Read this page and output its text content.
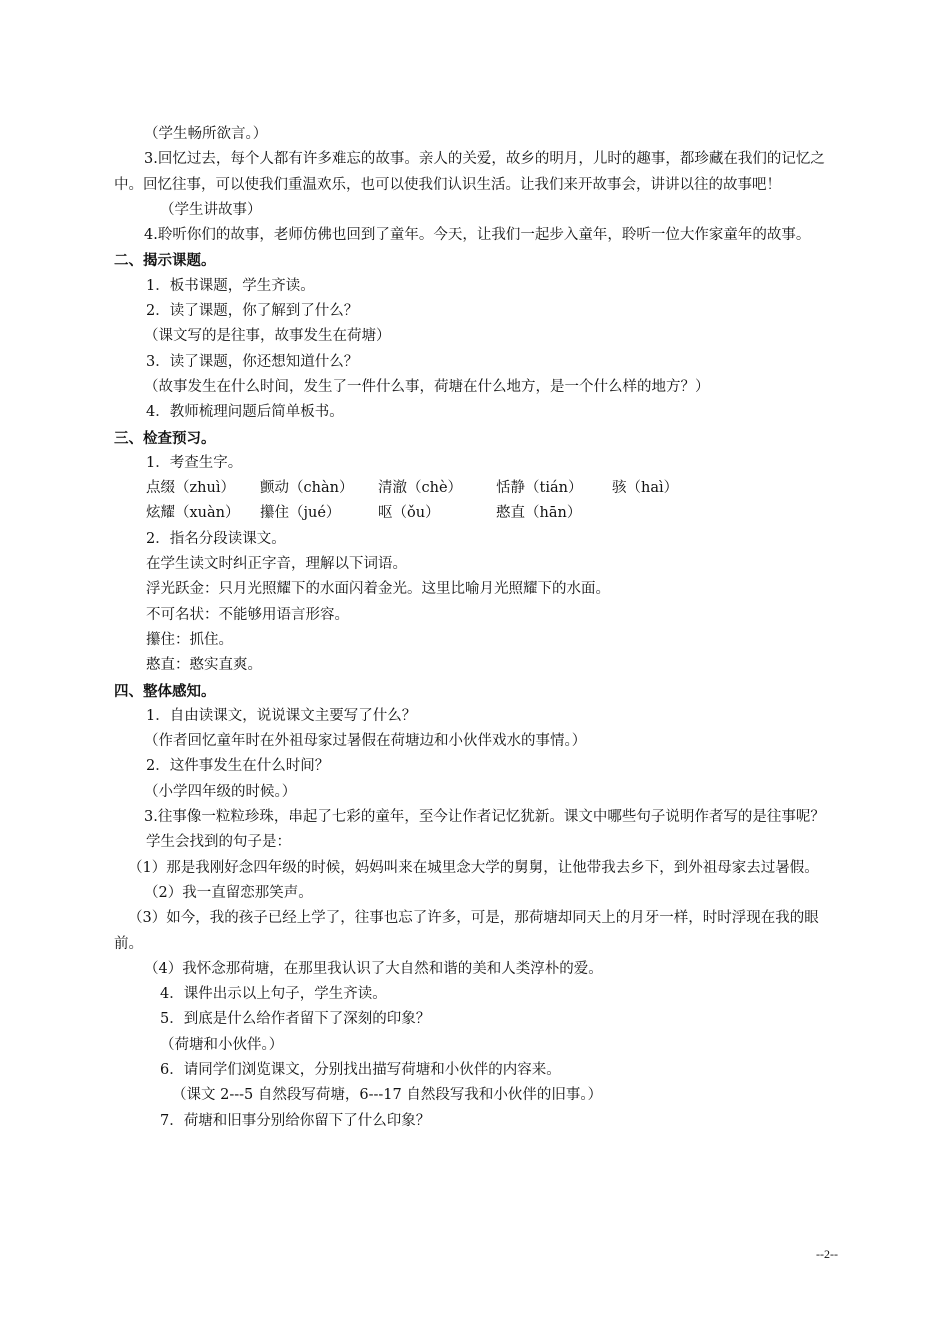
（学生畅所欲言。）

3.回忆过去，每个人都有许多难忘的故事。亲人的关爱，故乡的明月，儿时的趣事，都珍藏在我们的记忆之中。回忆往事，可以使我们重温欢乐，也可以使我们认识生活。让我们来开故事会，讲讲以往的故事吧！

（学生讲故事）

4.聆听你们的故事，老师仿佛也回到了童年。今天，让我们一起步入童年，聆听一位大作家童年的故事。

二、揭示课题。

1．板书课题，学生齐读。

2．读了课题，你了解到了什么？

（课文写的是往事，故事发生在荷塘）

3．读了课题，你还想知道什么？

（故事发生在什么时间，发生了一件什么事，荷塘在什么地方，是一个什么样的地方？）

4．教师梳理问题后简单板书。

三、检查预习。

1．考查生字。

点缀（zhuì）	颤动（chàn）	清澈（chè）	恬静（tián）	骇（haì）

炫耀（xuàn）	攥住（jué）	呕（ǒu）	憨直（hān）

2．指名分段读课文。

在学生读文时纠正字音，理解以下词语。

浮光跃金：只月光照耀下的水面闪着金光。这里比喻月光照耀下的水面。

不可名状：不能够用语言形容。

攥住：抓住。

憨直：憨实直爽。

四、整体感知。

1．自由读课文，说说课文主要写了什么？

（作者回忆童年时在外祖母家过暑假在荷塘边和小伙伴戏水的事情。）

2．这件事发生在什么时间？

（小学四年级的时候。）

3.往事像一粒粒珍珠，串起了七彩的童年，至今让作者记忆犹新。课文中哪些句子说明作者写的是往事呢？

学生会找到的句子是：

（1）那是我刚好念四年级的时候，妈妈叫来在城里念大学的舅舅，让他带我去乡下，到外祖母家去过暑假。

（2）我一直留恋那笑声。

（3）如今，我的孩子已经上学了，往事也忘了许多，可是，那荷塘却同天上的月牙一样，时时浮现在我的眼前。

（4）我怀念那荷塘，在那里我认识了大自然和谐的美和人类淳朴的爱。

4．课件出示以上句子，学生齐读。

5．到底是什么给作者留下了深刻的印象？

（荷塘和小伙伴。）

6．请同学们浏览课文，分别找出描写荷塘和小伙伴的内容来。

（课文 2---5 自然段写荷塘，6---17 自然段写我和小伙伴的旧事。）

7．荷塘和旧事分别给你留下了什么印象？

--2--
